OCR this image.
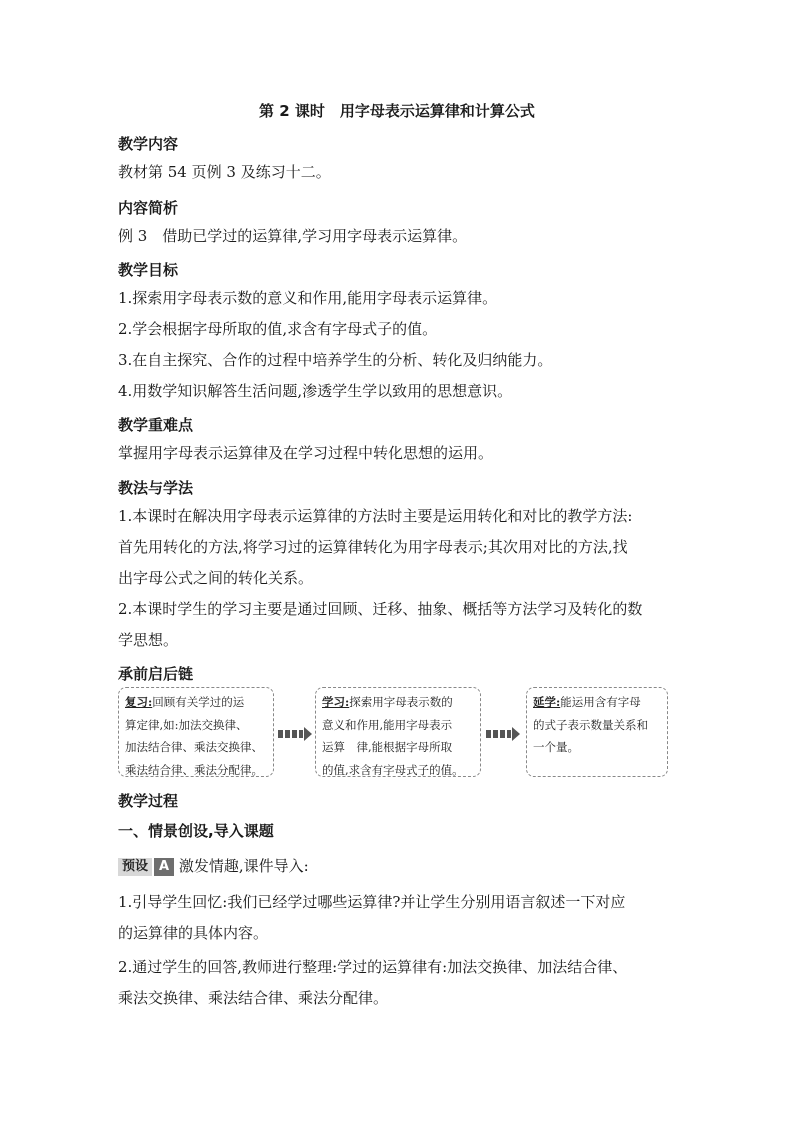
第 2 课时　用字母表示运算律和计算公式
教学内容
教材第 54 页例 3 及练习十二。
内容简析
例 3　借助已学过的运算律,学习用字母表示运算律。
教学目标
1.探索用字母表示数的意义和作用,能用字母表示运算律。
2.学会根据字母所取的值,求含有字母式子的值。
3.在自主探究、合作的过程中培养学生的分析、转化及归纳能力。
4.用数学知识解答生活问题,渗透学生学以致用的思想意识。
教学重难点
掌握用字母表示运算律及在学习过程中转化思想的运用。
教法与学法
1.本课时在解决用字母表示运算律的方法时主要是运用转化和对比的教学方法:
首先用转化的方法,将学习过的运算律转化为用字母表示;其次用对比的方法,找
出字母公式之间的转化关系。
2.本课时学生的学习主要是通过回顾、迁移、抽象、概括等方法学习及转化的数
学思想。
承前启后链
复习:回顾有关学过的运
算定律,如:加法交换律、
加法结合律、乘法交换律、
乘法结合律、乘法分配律。
学习:探索用字母表示数的
意义和作用,能用字母表示
运算　律,能根据字母所取
的值,求含有字母式子的值。
延学:能运用含有字母
的式子表示数量关系和
一个量。
教学过程
一、情景创设,导入课题
预设 A 激发情趣,课件导入:
1.引导学生回忆:我们已经学过哪些运算律?并让学生分别用语言叙述一下对应
的运算律的具体内容。
2.通过学生的回答,教师进行整理:学过的运算律有:加法交换律、加法结合律、
乘法交换律、乘法结合律、乘法分配律。
